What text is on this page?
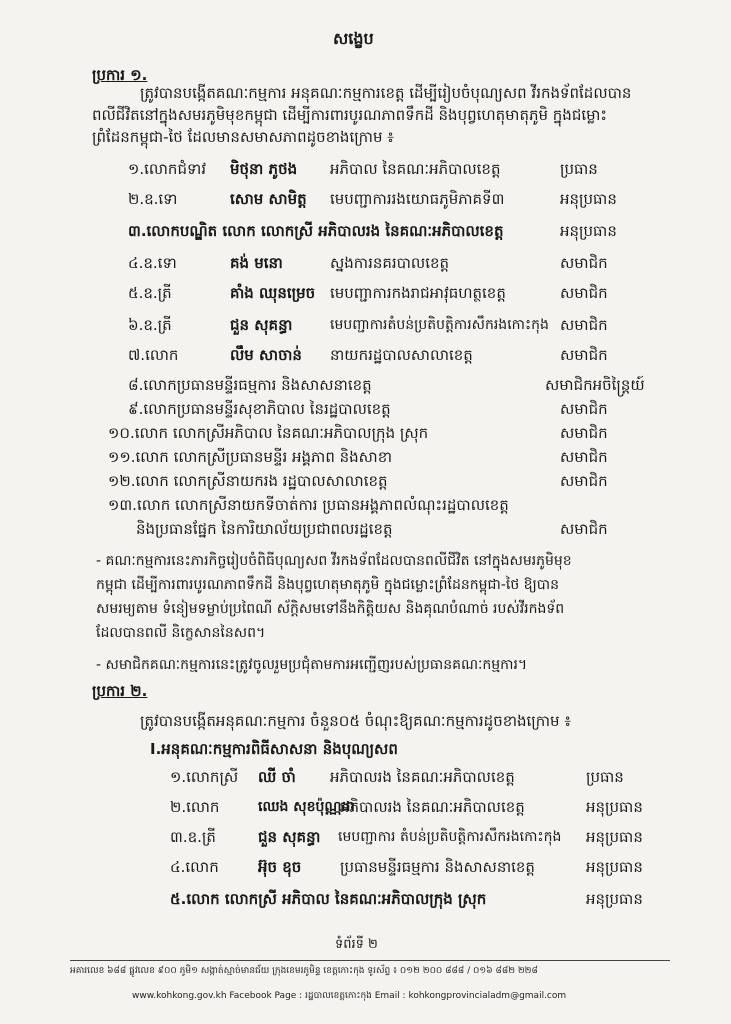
សង្ខេប
ប្រការ ១.
ត្រូវបានបង្កើតគណៈកម្មការ អនុគណៈកម្មការខេត្ត ដើម្បីរៀបចំបុណ្យសព វីរកងទ័ពដែលបាន
ពលីជីវិតនៅក្នុងសមរភូមិមុខកម្ពុជា ដើម្បីការពារបូរណភាពទឹកដី និងបុព្វហេតុមាតុភូមិ ក្នុងជម្លោះ
ព្រំដែនកម្ពុជា-ថៃ ដែលមានសមាសភាពដូចខាងក្រោម ៖
១.លោកជំទាវ មិថុនា ភូថង អភិបាល នៃគណៈអភិបាលខេត្ត	ប្រធាន
២.ឧ.ទោ	សោម សាមិត្ត មេបញ្ជាការរងយោធភូមិភាគទី៣	អនុប្រធាន
៣.លោកបណ្ឌិត លោក លោកស្រី អភិបាលរង នៃគណៈអភិបាលខេត្ត	អនុប្រធាន
៤.ឧ.ទោ	គង់ មនោ	ស្នងការនគរបាលខេត្ត	សមាជិក
៥.ឧ.ត្រី	គាំង ឈុនម្រេច មេបញ្ជាការកងរាជអាវុធហត្ថខេត្ត	សមាជិក
៦.ឧ.ត្រី	ជួន សុគន្ធា	មេបញ្ជាការតំបន់ប្រតិបត្តិការសឹករងកោះកុង សមាជិក
៧.លោក	លឹម សាចាន់ នាយករដ្ឋបាលសាលាខេត្ត	សមាជិក
៨.លោកប្រធានមន្ទីរធម្មការ និងសាសនាខេត្ត	សមាជិកអចិន្ត្រៃយ៍
៩.លោកប្រធានមន្ទីរសុខាភិបាល នៃរដ្ឋបាលខេត្ត	សមាជិក
១០.លោក លោកស្រីអភិបាល នៃគណៈអភិបាលក្រុង ស្រុក	សមាជិក
១១.លោក លោកស្រីប្រធានមន្ទីរ អង្គភាព និងសាខា	សមាជិក
១២.លោក លោកស្រីនាយករង រដ្ឋបាលសាលាខេត្ត	សមាជិក
១៣.លោក លោកស្រីនាយកទីចាត់ការ ប្រធានអង្គភាពលំណុះរដ្ឋបាលខេត្ត
និងប្រធានផ្នែក នៃការិយាល័យប្រជាពលរដ្ឋខេត្ត	សមាជិក
- គណៈកម្មការនេះភារកិច្ចរៀបចំពិធីបុណ្យសព វីរកងទ័ពដែលបានពលីជីវិត នៅក្នុងសមរភូមិមុខ
កម្ពុជា ដើម្បីការពារបូរណភាពទឹកដី និងបុព្វហេតុមាតុភូមិ ក្នុងជម្លោះព្រំដែនកម្ពុជា-ថៃ ឱ្យបាន
សមរម្យតាម ទំនៀមទម្លាប់ប្រពៃណី ស័ក្តិសមទៅនឹងកិត្តិយស និងគុណបំណាច់ របស់វីរកងទ័ព
ដែលបានពលី និក្ខេសាននៃសព។
- សមាជិកគណៈកម្មការនេះត្រូវចូលរួមប្រជុំតាមការអញ្ជើញរបស់ប្រធានគណៈកម្មការ។
ប្រការ ២.
ត្រូវបានបង្កើតអនុគណៈកម្មការ ចំនួន០៥ ចំណុះឱ្យគណៈកម្មការដូចខាងក្រោម ៖
I.អនុគណៈកម្មការពិធីសាសនា និងបុណ្យសព
១.លោកស្រី ឈី ចាំ អភិបាលរង នៃគណៈអភិបាលខេត្ត	ប្រធាន
២.លោក	ឈេង សុខប៉ុណ្ណដា
អភិបាលរង នៃគណៈអភិបាលខេត្ត	អនុប្រធាន
៣.ឧ.ត្រី	ជួន សុគន្ធា មេបញ្ជាការ តំបន់ប្រតិបត្តិការសឹករងកោះកុង អនុប្រធាន
៤.លោក	អ៊ុច ឧុច	ប្រធានមន្ទីរធម្មការ និងសាសនាខេត្ត	អនុប្រធាន
៥.លោក លោកស្រី អភិបាល នៃគណៈអភិបាលក្រុង ស្រុក	អនុប្រធាន
ទំព័រទី ២
អគារលេខ ៦៨៨ ផ្លូវលេខ ៩០០ ភូមិ១ សង្កាត់ស្មាច់មានជ័យ ក្រុងខេមរភូមិន្ទ ខេត្តកោះកុង ទូរស័ព្ទ ៖ ០១២ ២០០ ៨៨៨ / ០១៦ ៨៨២ ២២៨
www.kohkong.gov.kh Facebook Page : រដ្ឋបាលខេត្តកោះកុង Email : kohkongprovincialadm@gmail.com
